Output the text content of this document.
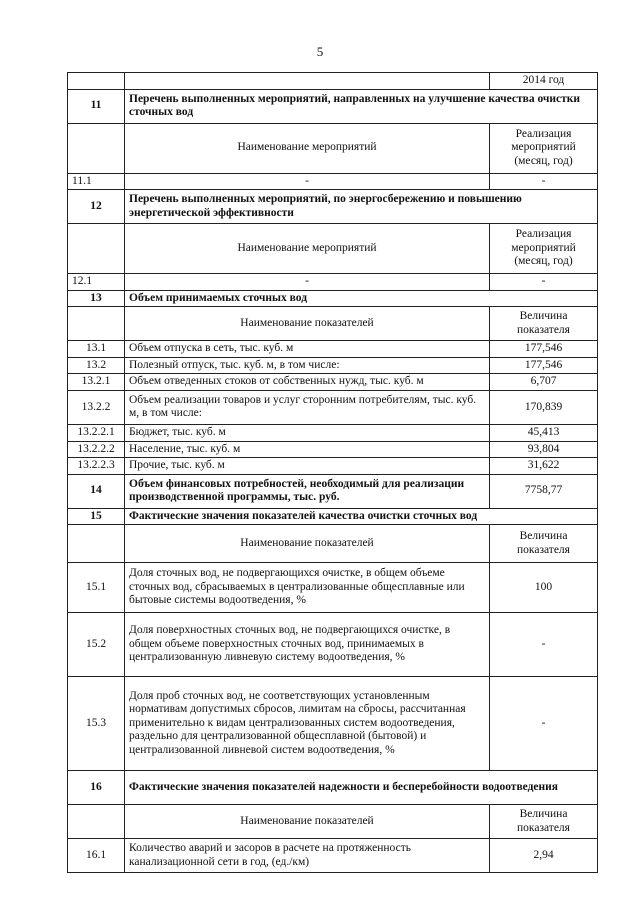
5
		2014 год
11	Перечень выполненных мероприятий, направленных на улучшение качества очистки сточных вод	
	Наименование мероприятий	Реализация мероприятий (месяц, год)
11.1	-	-
12	Перечень выполненных мероприятий, по энергосбережению и повышению энергетической эффективности	
	Наименование мероприятий	Реализация мероприятий (месяц, год)
12.1	-	-
13	Объем принимаемых сточных вод	
	Наименование показателей	Величина показателя
13.1	Объем отпуска в сеть, тыс. куб. м	177,546
13.2	Полезный отпуск, тыс. куб. м, в том числе:	177,546
13.2.1	Объем отведенных стоков от собственных нужд, тыс. куб. м	6,707
13.2.2	Объем реализации товаров и услуг сторонним потребителям, тыс. куб. м, в том числе:	170,839
13.2.2.1	Бюджет, тыс. куб. м	45,413
13.2.2.2	Население, тыс. куб. м	93,804
13.2.2.3	Прочие, тыс. куб. м	31,622
14	Объем финансовых потребностей, необходимый для реализации производственной программы, тыс. руб.	7758,77
15	Фактические значения показателей качества очистки сточных вод	
	Наименование показателей	Величина показателя
15.1	Доля сточных вод, не подвергающихся очистке, в общем объеме сточных вод, сбрасываемых в централизованные общесплавные или бытовые системы водоотведения, %	100
15.2	Доля поверхностных сточных вод, не подвергающихся очистке, в общем объеме поверхностных сточных вод, принимаемых в централизованную ливневую систему водоотведения, %	-
15.3	Доля проб сточных вод, не соответствующих установленным нормативам допустимых сбросов, лимитам на сбросы, рассчитанная применительно к видам централизованных систем водоотведения, раздельно для централизованной общесплавной (бытовой) и централизованной ливневой систем водоотведения, %	-
16	Фактические значения показателей надежности и бесперебойности водоотведения	
	Наименование показателей	Величина показателя
16.1	Количество аварий и засоров в расчете на протяженность канализационной сети в год, (ед./км)	2,94
